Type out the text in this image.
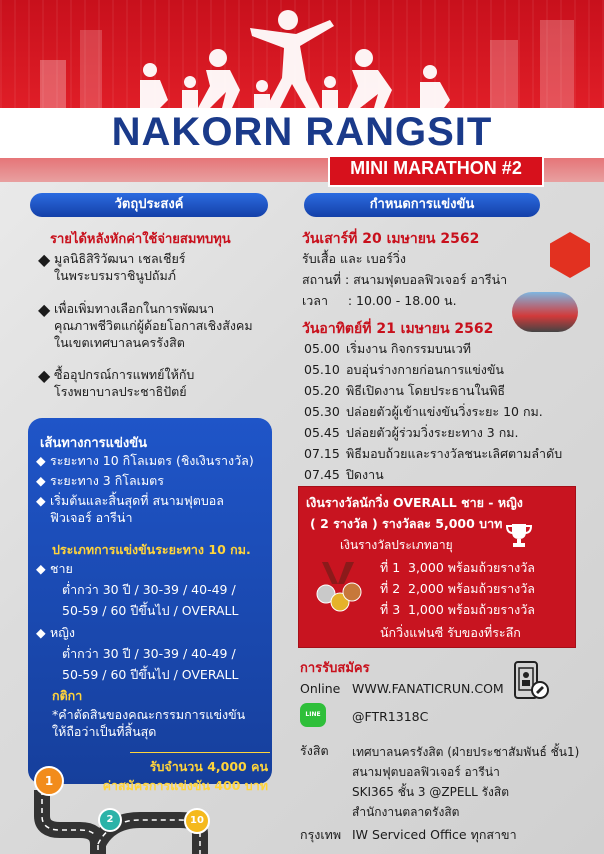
NAKORN RANGSIT
MINI MARATHON #2
วัตถุประสงค์
รายได้หลังหักค่าใช้จ่ายสมทบทุน
◆ มูลนิธิสิริวัฒนา เชลเชียร์
ในพระบรมราชินูปถัมภ์
◆ เพื่อเพิ่มทางเลือกในการพัฒนา
คุณภาพชีวิตแก่ผู้ด้อยโอกาสเชิงสังคม
ในเขตเทศบาลนครรังสิต
◆ ซื้ออุปกรณ์การแพทย์ให้กับ
โรงพยาบาลประชาธิปัตย์
เส้นทางการแข่งขัน
◆ ระยะทาง 10 กิโลเมตร (ชิงเงินรางวัล)
◆ ระยะทาง 3 กิโลเมตร
◆ เริ่มต้นและสิ้นสุดที่ สนามฟุตบอล
ฟิวเจอร์ อารีน่า
ประเภทการแข่งขันระยะทาง 10 กม.
◆ ชาย
ต่ำกว่า 30 ปี / 30-39 / 40-49 /
50-59 / 60 ปีขึ้นไป / OVERALL
◆ หญิง
ต่ำกว่า 30 ปี / 30-39 / 40-49 /
50-59 / 60 ปีขึ้นไป / OVERALL
กติกา
*คำตัดสินของคณะกรรมการแข่งขัน
ให้ถือว่าเป็นที่สิ้นสุด
รับจำนวน 4,000 คน
ค่าสมัครการแข่งขัน 400 บาท
1
2	10
กำหนดการแข่งขัน
วันเสาร์ที่ 20 เมษายน 2562
รับเสื้อ และ เบอร์วิ่ง
สถานที่ : สนามฟุตบอลฟิวเจอร์ อารีน่า
เวลา     : 10.00 - 18.00 น.
วันอาทิตย์ที่ 21 เมษายน 2562
05.00 เริ่มงาน กิจกรรมบนเวที
05.10 อบอุ่นร่างกายก่อนการแข่งขัน
05.20 พิธีเปิดงาน โดยประธานในพิธี
05.30 ปล่อยตัวผู้เข้าแข่งขันวิ่งระยะ 10 กม.
05.45 ปล่อยตัวผู้ร่วมวิ่งระยะทาง 3 กม.
07.15 พิธีมอบถ้วยและรางวัลชนะเลิศตามลำดับ
07.45 ปิดงาน
เงินรางวัลนักวิ่ง OVERALL ชาย - หญิง
( 2 รางวัล ) รางวัลละ 5,000 บาท
เงินรางวัลประเภทอายุ
ที่ 1 3,000 พร้อมถ้วยรางวัล
ที่ 2 2,000 พร้อมถ้วยรางวัล
ที่ 3 1,000 พร้อมถ้วยรางวัล
นักวิ่งแฟนซี รับของที่ระลึก
การรับสมัคร
Online WWW.FANATICRUN.COM
LINE	@FTR1318C
รังสิต เทศบาลนครรังสิต (ฝ่ายประชาสัมพันธ์ ชั้น1)
สนามฟุตบอลฟิวเจอร์ อารีน่า
SKI365 ชั้น 3 @ZPELL รังสิต
สำนักงานตลาดรังสิต
กรุงเทพ IW Serviced Office ทุกสาขา
